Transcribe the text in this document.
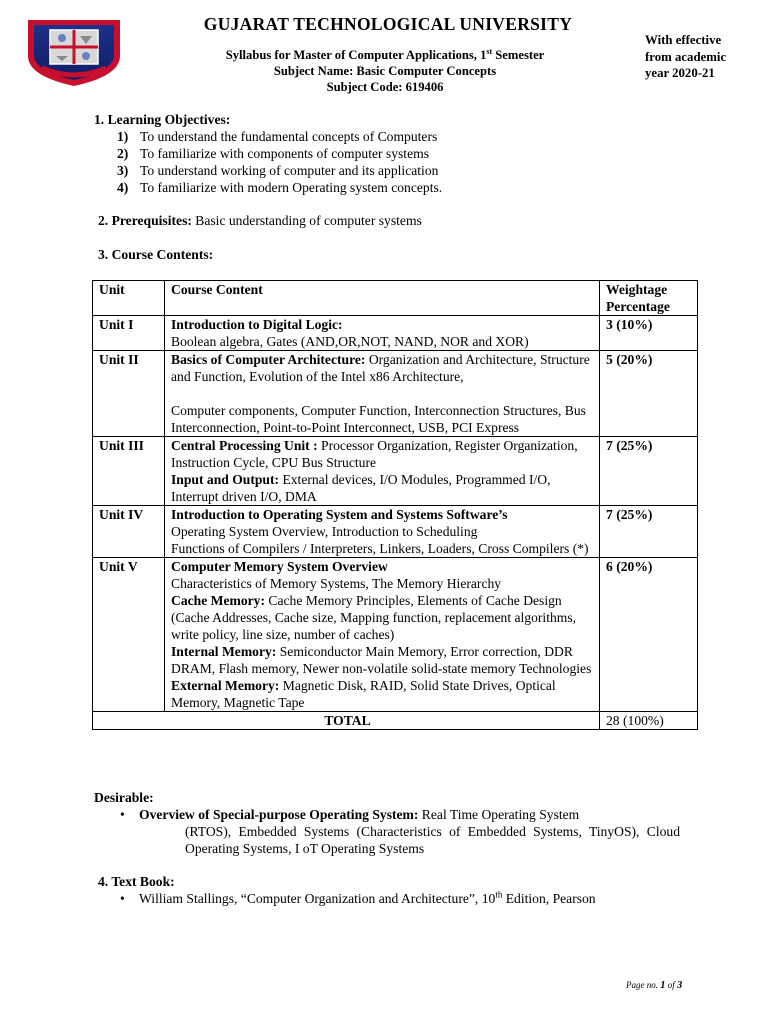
GUJARAT TECHNOLOGICAL UNIVERSITY
Syllabus for Master of Computer Applications, 1st Semester
Subject Name: Basic Computer Concepts
Subject Code: 619406
With effective
from academic
year 2020-21
1. Learning Objectives:
1) To understand the fundamental concepts of Computers
2) To familiarize with components of computer systems
3) To understand working of computer and its application
4) To familiarize with modern Operating system concepts.
2. Prerequisites: Basic understanding of computer systems
3. Course Contents:
Unit	Course Content	Weightage
Percentage

Unit I	Introduction to Digital Logic:
Boolean algebra, Gates (AND,OR,NOT, NAND, NOR and XOR)	3 (10%)
Unit II	Basics of Computer Architecture: Organization and Architecture, Structure and Function, Evolution of the Intel x86 Architecture,
Computer components, Computer Function, Interconnection Structures, Bus Interconnection, Point-to-Point Interconnect, USB, PCI Express	5 (20%)
Unit III	Central Processing Unit : Processor Organization, Register Organization, Instruction Cycle, CPU Bus Structure
Input and Output: External devices, I/O Modules, Programmed I/O, Interrupt driven I/O, DMA	7 (25%)
Unit IV	Introduction to Operating System and Systems Software’s
Operating System Overview, Introduction to Scheduling
Functions of Compilers / Interpreters, Linkers, Loaders, Cross Compilers (*)	7 (25%)
Unit V	Computer Memory System Overview
Characteristics of Memory Systems, The Memory Hierarchy
Cache Memory: Cache Memory Principles, Elements of Cache Design (Cache Addresses, Cache size, Mapping function, replacement algorithms, write policy, line size, number of caches)
Internal Memory: Semiconductor Main Memory, Error correction, DDR DRAM, Flash memory, Newer non-volatile solid-state memory Technologies
External Memory: Magnetic Disk, RAID, Solid State Drives, Optical Memory, Magnetic Tape	6 (20%)
TOTAL		28 (100%)
Desirable:
• Overview of Special-purpose Operating System: Real Time Operating System
(RTOS), Embedded Systems (Characteristics of Embedded Systems, TinyOS), Cloud Operating Systems, I oT Operating Systems
4. Text Book:
• William Stallings, “Computer Organization and Architecture”, 10th Edition, Pearson
Page no. 1 of 3
